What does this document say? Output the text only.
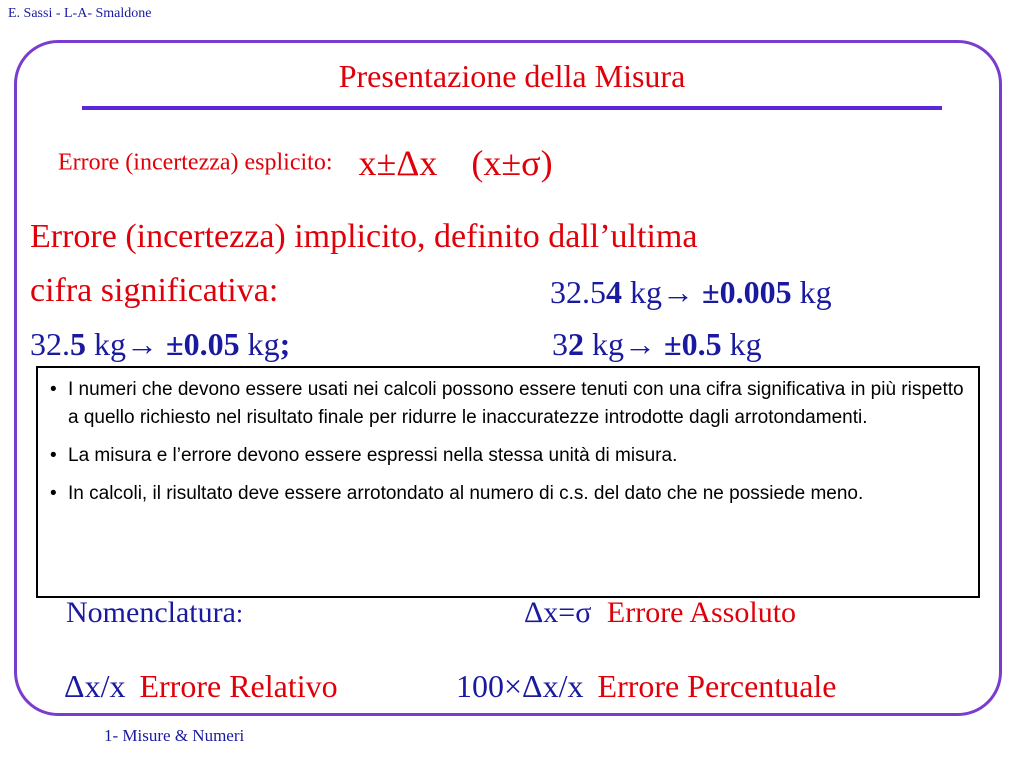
E. Sassi - L-A- Smaldone
Presentazione della Misura
Errore (incertezza) esplicito: x±Δx (x±σ)
Errore (incertezza) implicito, definito dall’ultima
cifra significativa:	32.54 kg→ ±0.005 kg
32.5 kg→ ±0.05 kg;	32 kg→ ±0.5 kg
• I numeri che devono essere usati nei calcoli possono essere tenuti con una cifra significativa in più rispetto a quello richiesto nel risultato finale per ridurre le inaccuratezze introdotte dagli arrotondamenti.
• La misura e l’errore devono essere espressi nella stessa unità di misura.
• In calcoli, il risultato deve essere arrotondato al numero di c.s. del dato che ne possiede meno.
Nomenclatura:	Δx=σ Errore Assoluto
Δx/x Errore Relativo	100×Δx/x Errore Percentuale
1- Misure & Numeri
